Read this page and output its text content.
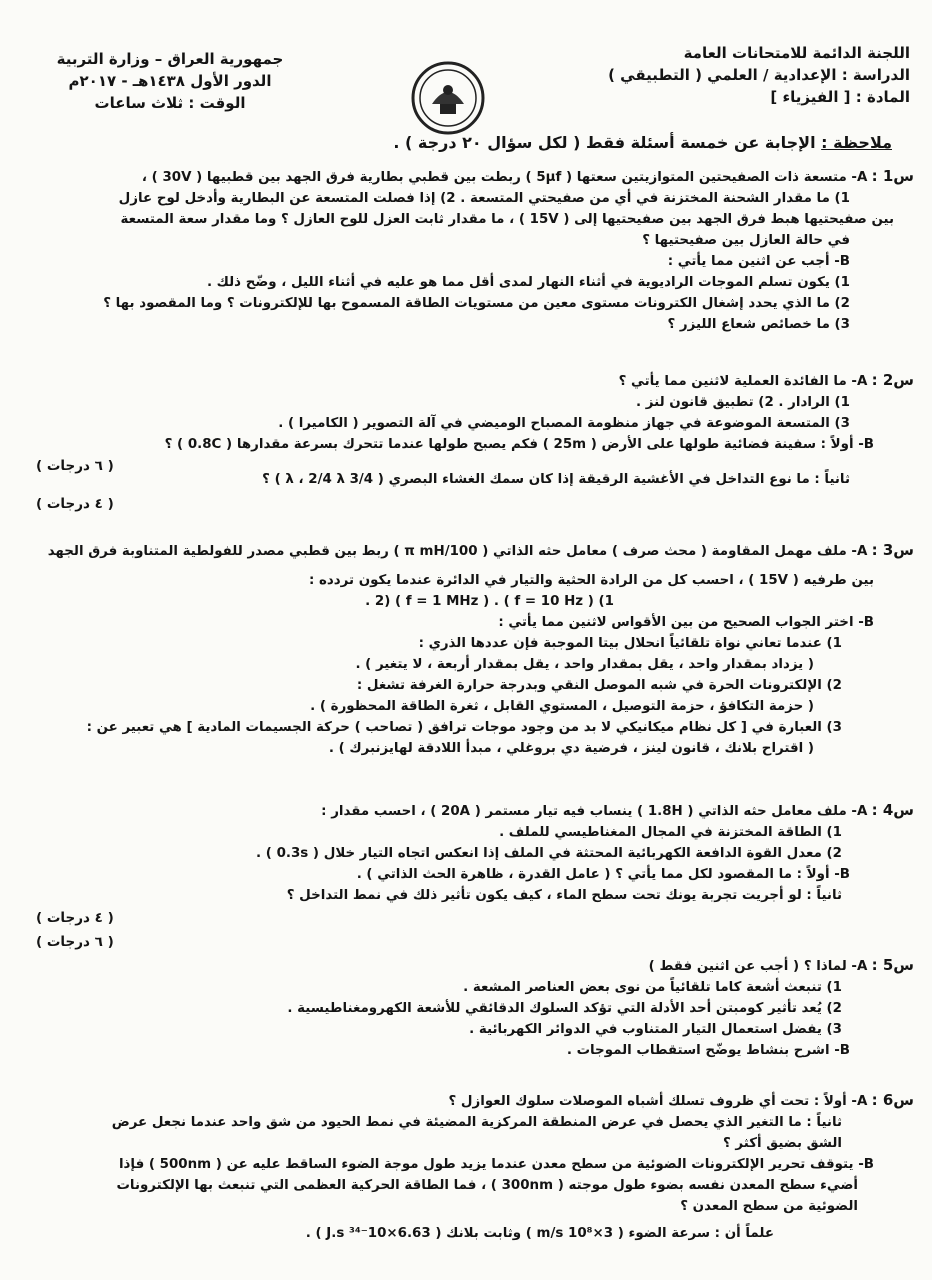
اللجنة الدائمة للامتحانات العامة
الدراسة : الإعدادية / العلمي ( التطبيقي )
المادة : [ الفيزياء ]
جمهورية العراق – وزارة التربية
الدور الأول ١٤٣٨هـ - ٢٠١٧م
الوقت : ثلاث ساعات
ملاحظة : الإجابة عن خمسة أسئلة فقط ( لكل سؤال ٢٠ درجة ) .
س1 : A- متسعة ذات الصفيحتين المتوازيتين سعتها ( 5μf ) ربطت بين قطبي بطارية فرق الجهد بين قطبيها ( 30V ) ،
1) ما مقدار الشحنة المختزنة في أي من صفيحتي المتسعة . 2) إذا فصلت المتسعة عن البطارية وأدخل لوح عازل
بين صفيحتيها هبط فرق الجهد بين صفيحتيها إلى ( 15V ) ، ما مقدار ثابت العزل للوح العازل ؟ وما مقدار سعة المتسعة
في حالة العازل بين صفيحتيها ؟
B- أجب عن اثنين مما يأتي :
1) يكون تسلم الموجات الراديوية في أثناء النهار لمدى أقل مما هو عليه في أثناء الليل ، وضّح ذلك .
2) ما الذي يحدد إشغال الكترونات مستوى معين من مستويات الطاقة المسموح بها للإلكترونات ؟ وما المقصود بها ؟
3) ما خصائص شعاع الليزر ؟
س2 : A- ما الفائدة العملية لاثنين مما يأتي ؟
1) الرادار . 2) تطبيق قانون لنز .
3) المتسعة الموضوعة في جهاز منظومة المصباح الوميضي في آلة التصوير ( الكاميرا ) .
B- أولاً : سفينة فضائية طولها على الأرض ( 25m ) فكم يصبح طولها عندما تتحرك بسرعة مقدارها ( 0.8C ) ؟
ثانياً : ما نوع التداخل في الأغشية الرقيقة إذا كان سمك الغشاء البصري ( 3/4 λ ، 2/4 λ ) ؟
( ٦ درجات )
( ٤ درجات )
س3 : A- ملف مهمل المقاومة ( محث صرف ) معامل حثه الذاتي ( 100/π mH ) ربط بين قطبي مصدر للفولطية المتناوبة فرق الجهد
بين طرفيه ( 15V ) ، احسب كل من الرادة الحثية والتيار في الدائرة عندما يكون تردده :
1) ( f = 10 Hz ) . 2) ( f = 1 MHz ) .
B- اختر الجواب الصحيح من بين الأقواس لاثنين مما يأتي :
1) عندما تعاني نواة تلقائياً انحلال بيتا الموجبة فإن عددها الذري :
( يزداد بمقدار واحد ، يقل بمقدار واحد ، يقل بمقدار أربعة ، لا يتغير ) .
2) الإلكترونات الحرة في شبه الموصل النقي وبدرجة حرارة الغرفة تشغل :
( حزمة التكافؤ ، حزمة التوصيل ، المستوي القابل ، ثغرة الطاقة المحظورة ) .
3) العبارة في [ كل نظام ميكانيكي لا بد من وجود موجات ترافق ( تصاحب ) حركة الجسيمات المادية ] هي تعبير عن :
( اقتراح بلانك ، قانون لينز ، فرضية دي بروغلي ، مبدأ اللادقة لهايزنبرك ) .
س4 : A- ملف معامل حثه الذاتي ( 1.8H ) ينساب فيه تيار مستمر ( 20A ) ، احسب مقدار :
1) الطاقة المختزنة في المجال المغناطيسي للملف .
2) معدل القوة الدافعة الكهربائية المحتثة في الملف إذا انعكس اتجاه التيار خلال ( 0.3s ) .
B- أولاً : ما المقصود لكل مما يأتي ؟ ( عامل القدرة ، ظاهرة الحث الذاتي ) .
ثانياً : لو أجريت تجربة يونك تحت سطح الماء ، كيف يكون تأثير ذلك في نمط التداخل ؟
( ٤ درجات )
( ٦ درجات )
س5 : A- لماذا ؟ ( أجب عن اثنين فقط )
1) تنبعث أشعة كاما تلقائياً من نوى بعض العناصر المشعة .
2) يُعد تأثير كومبتن أحد الأدلة التي تؤكد السلوك الدقائقي للأشعة الكهرومغناطيسية .
3) يفضل استعمال التيار المتناوب في الدوائر الكهربائية .
B- اشرح بنشاط يوضّح استقطاب الموجات .
س6 : A- أولاً : تحت أي ظروف تسلك أشباه الموصلات سلوك العوازل ؟
ثانياً : ما التغير الذي يحصل في عرض المنطقة المركزية المضيئة في نمط الحيود من شق واحد عندما نجعل عرض
الشق بضيق أكثر ؟
B- يتوقف تحرير الإلكترونات الضوئية من سطح معدن عندما يزيد طول موجة الضوء الساقط عليه عن ( 500nm ) فإذا
أضيء سطح المعدن نفسه بضوء طول موجته ( 300nm ) ، فما الطاقة الحركية العظمى التي تنبعث بها الإلكترونات
الضوئية من سطح المعدن ؟
علماً أن : سرعة الضوء ( 3×10⁸ m/s ) وثابت بلانك ( 6.63×10⁻³⁴ J.s ) .
